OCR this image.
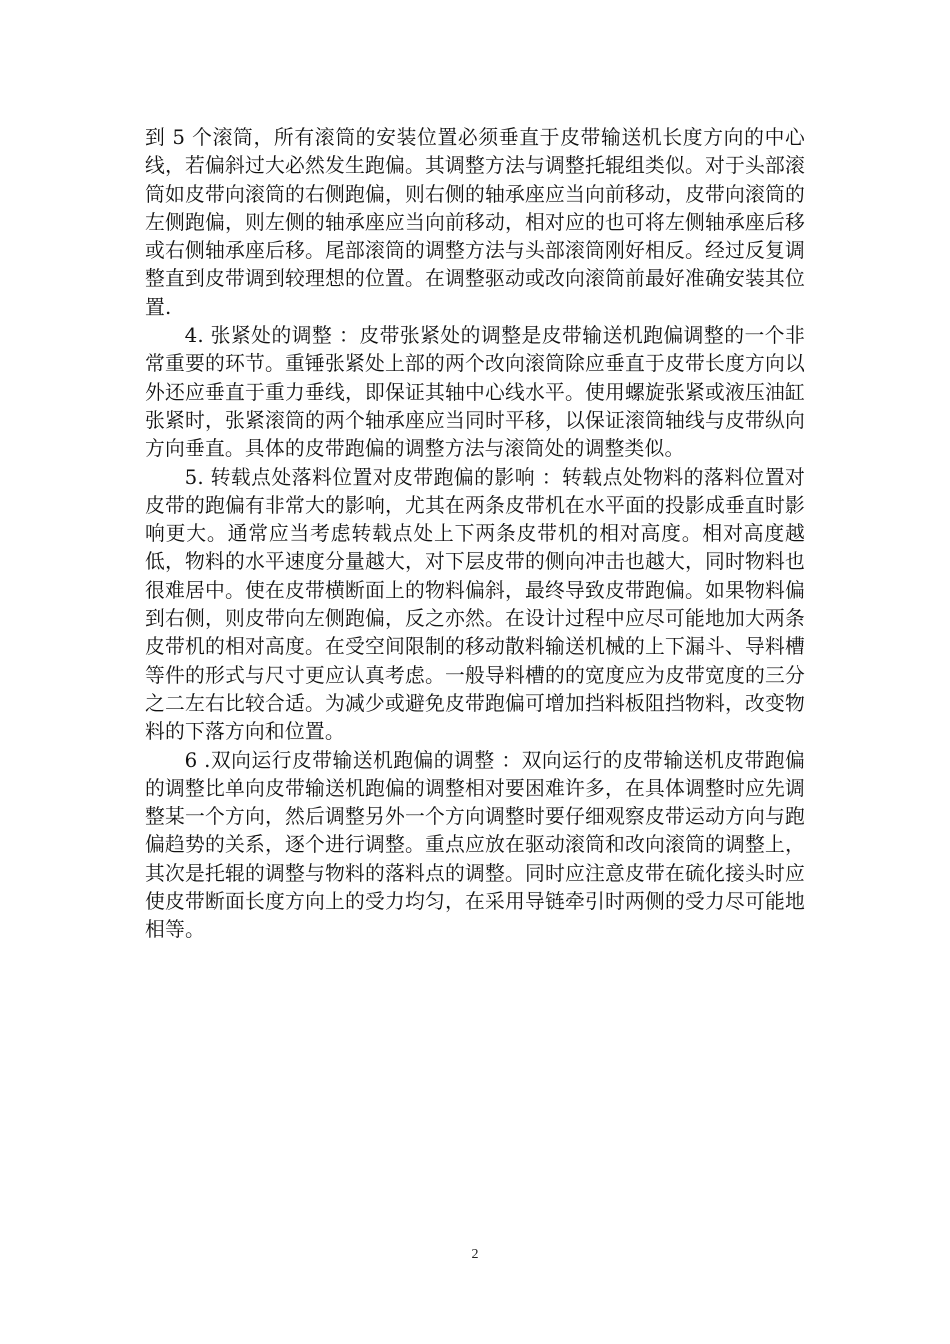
到 5 个滚筒，所有滚筒的安装位置必须垂直于皮带输送机长度方向的中心线，若偏斜过大必然发生跑偏。其调整方法与调整托辊组类似。对于头部滚筒如皮带向滚筒的右侧跑偏，则右侧的轴承座应当向前移动，皮带向滚筒的左侧跑偏，则左侧的轴承座应当向前移动，相对应的也可将左侧轴承座后移或右侧轴承座后移。尾部滚筒的调整方法与头部滚筒刚好相反。经过反复调整直到皮带调到较理想的位置。在调整驱动或改向滚筒前最好准确安装其位置.

4. 张紧处的调整 ：皮带张紧处的调整是皮带输送机跑偏调整的一个非常重要的环节。重锤张紧处上部的两个改向滚筒除应垂直于皮带长度方向以外还应垂直于重力垂线，即保证其轴中心线水平。使用螺旋张紧或液压油缸张紧时，张紧滚筒的两个轴承座应当同时平移，以保证滚筒轴线与皮带纵向方向垂直。具体的皮带跑偏的调整方法与滚筒处的调整类似。

5. 转载点处落料位置对皮带跑偏的影响 ：转载点处物料的落料位置对皮带的跑偏有非常大的影响，尤其在两条皮带机在水平面的投影成垂直时影响更大。通常应当考虑转载点处上下两条皮带机的相对高度。相对高度越低，物料的水平速度分量越大，对下层皮带的侧向冲击也越大，同时物料也很难居中。使在皮带横断面上的物料偏斜，最终导致皮带跑偏。如果物料偏到右侧，则皮带向左侧跑偏，反之亦然。在设计过程中应尽可能地加大两条皮带机的相对高度。在受空间限制的移动散料输送机械的上下漏斗、导料槽等件的形式与尺寸更应认真考虑。一般导料槽的的宽度应为皮带宽度的三分之二左右比较合适。为减少或避免皮带跑偏可增加挡料板阻挡物料，改变物料的下落方向和位置。

6 .双向运行皮带输送机跑偏的调整 ：双向运行的皮带输送机皮带跑偏的调整比单向皮带输送机跑偏的调整相对要困难许多，在具体调整时应先调整某一个方向，然后调整另外一个方向调整时要仔细观察皮带运动方向与跑偏趋势的关系，逐个进行调整。重点应放在驱动滚筒和改向滚筒的调整上，其次是托辊的调整与物料的落料点的调整。同时应注意皮带在硫化接头时应使皮带断面长度方向上的受力均匀，在采用导链牵引时两侧的受力尽可能地相等。

2
